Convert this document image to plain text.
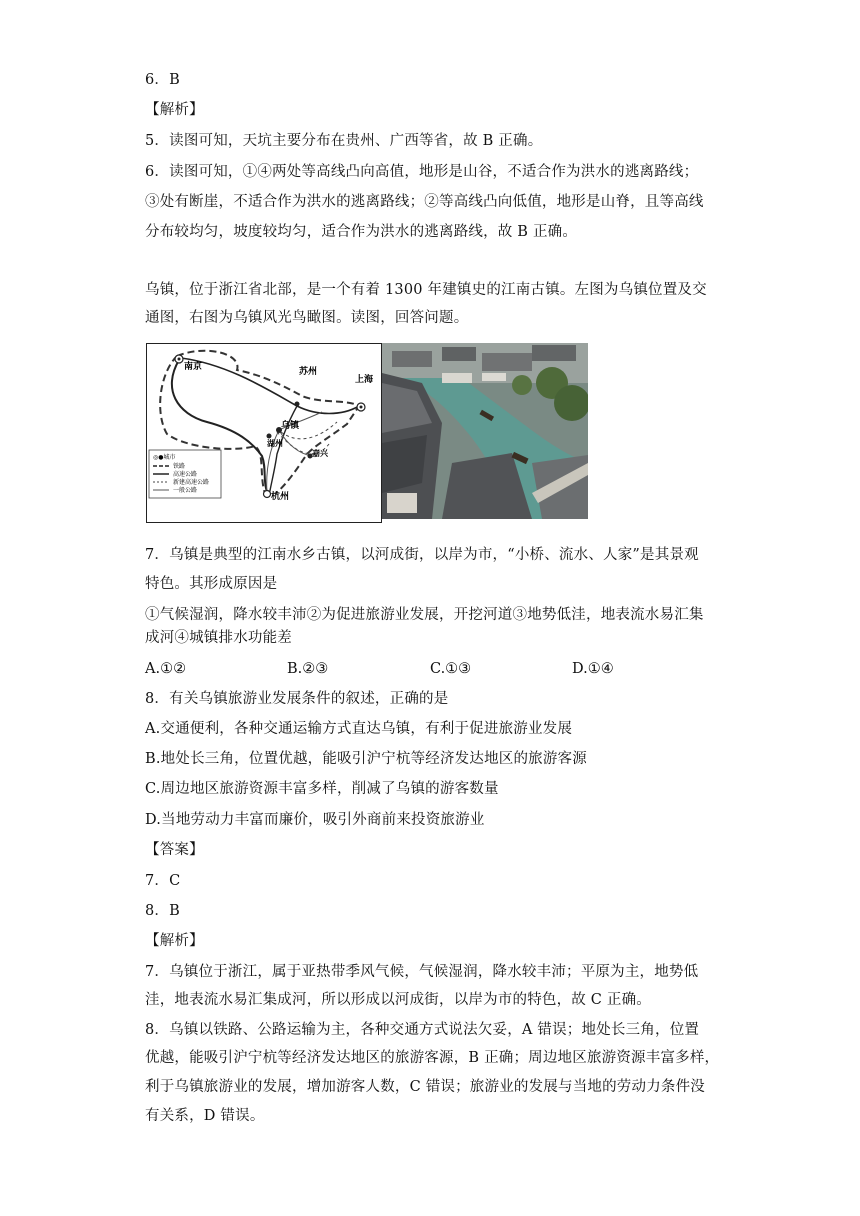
6．B
【解析】
5．读图可知，天坑主要分布在贵州、广西等省，故 B 正确。
6．读图可知，①④两处等高线凸向高值，地形是山谷，不适合作为洪水的逃离路线；
③处有断崖，不适合作为洪水的逃离路线；②等高线凸向低值，地形是山脊，且等高线
分布较均匀，坡度较均匀，适合作为洪水的逃离路线，故 B 正确。
乌镇，位于浙江省北部，是一个有着 1300 年建镇史的江南古镇。左图为乌镇位置及交
通图，右图为乌镇风光鸟瞰图。读图，回答问题。
南京	苏州
上海
乌镇
湖州
嘉兴
杭州
◎●城市
铁路
高速公路
新建高速公路
一般公路
7．乌镇是典型的江南水乡古镇，以河成街，以岸为市，“小桥、流水、人家”是其景观
特色。其形成原因是
①气候湿润，降水较丰沛②为促进旅游业发展，开挖河道③地势低洼，地表流水易汇集
成河④城镇排水功能差
A.①②	B.②③	C.①③	D.①④
8．有关乌镇旅游业发展条件的叙述，正确的是
A.交通便利，各种交通运输方式直达乌镇，有利于促进旅游业发展
B.地处长三角，位置优越，能吸引沪宁杭等经济发达地区的旅游客源
C.周边地区旅游资源丰富多样，削减了乌镇的游客数量
D.当地劳动力丰富而廉价，吸引外商前来投资旅游业
【答案】
7．C
8．B
【解析】
7．乌镇位于浙江，属于亚热带季风气候，气候湿润，降水较丰沛；平原为主，地势低
洼，地表流水易汇集成河，所以形成以河成街，以岸为市的特色，故 C 正确。
8．乌镇以铁路、公路运输为主，各种交通方式说法欠妥，A 错误；地处长三角，位置
优越，能吸引沪宁杭等经济发达地区的旅游客源，B 正确；周边地区旅游资源丰富多样，
利于乌镇旅游业的发展，增加游客人数，C 错误；旅游业的发展与当地的劳动力条件没
有关系，D 错误。
